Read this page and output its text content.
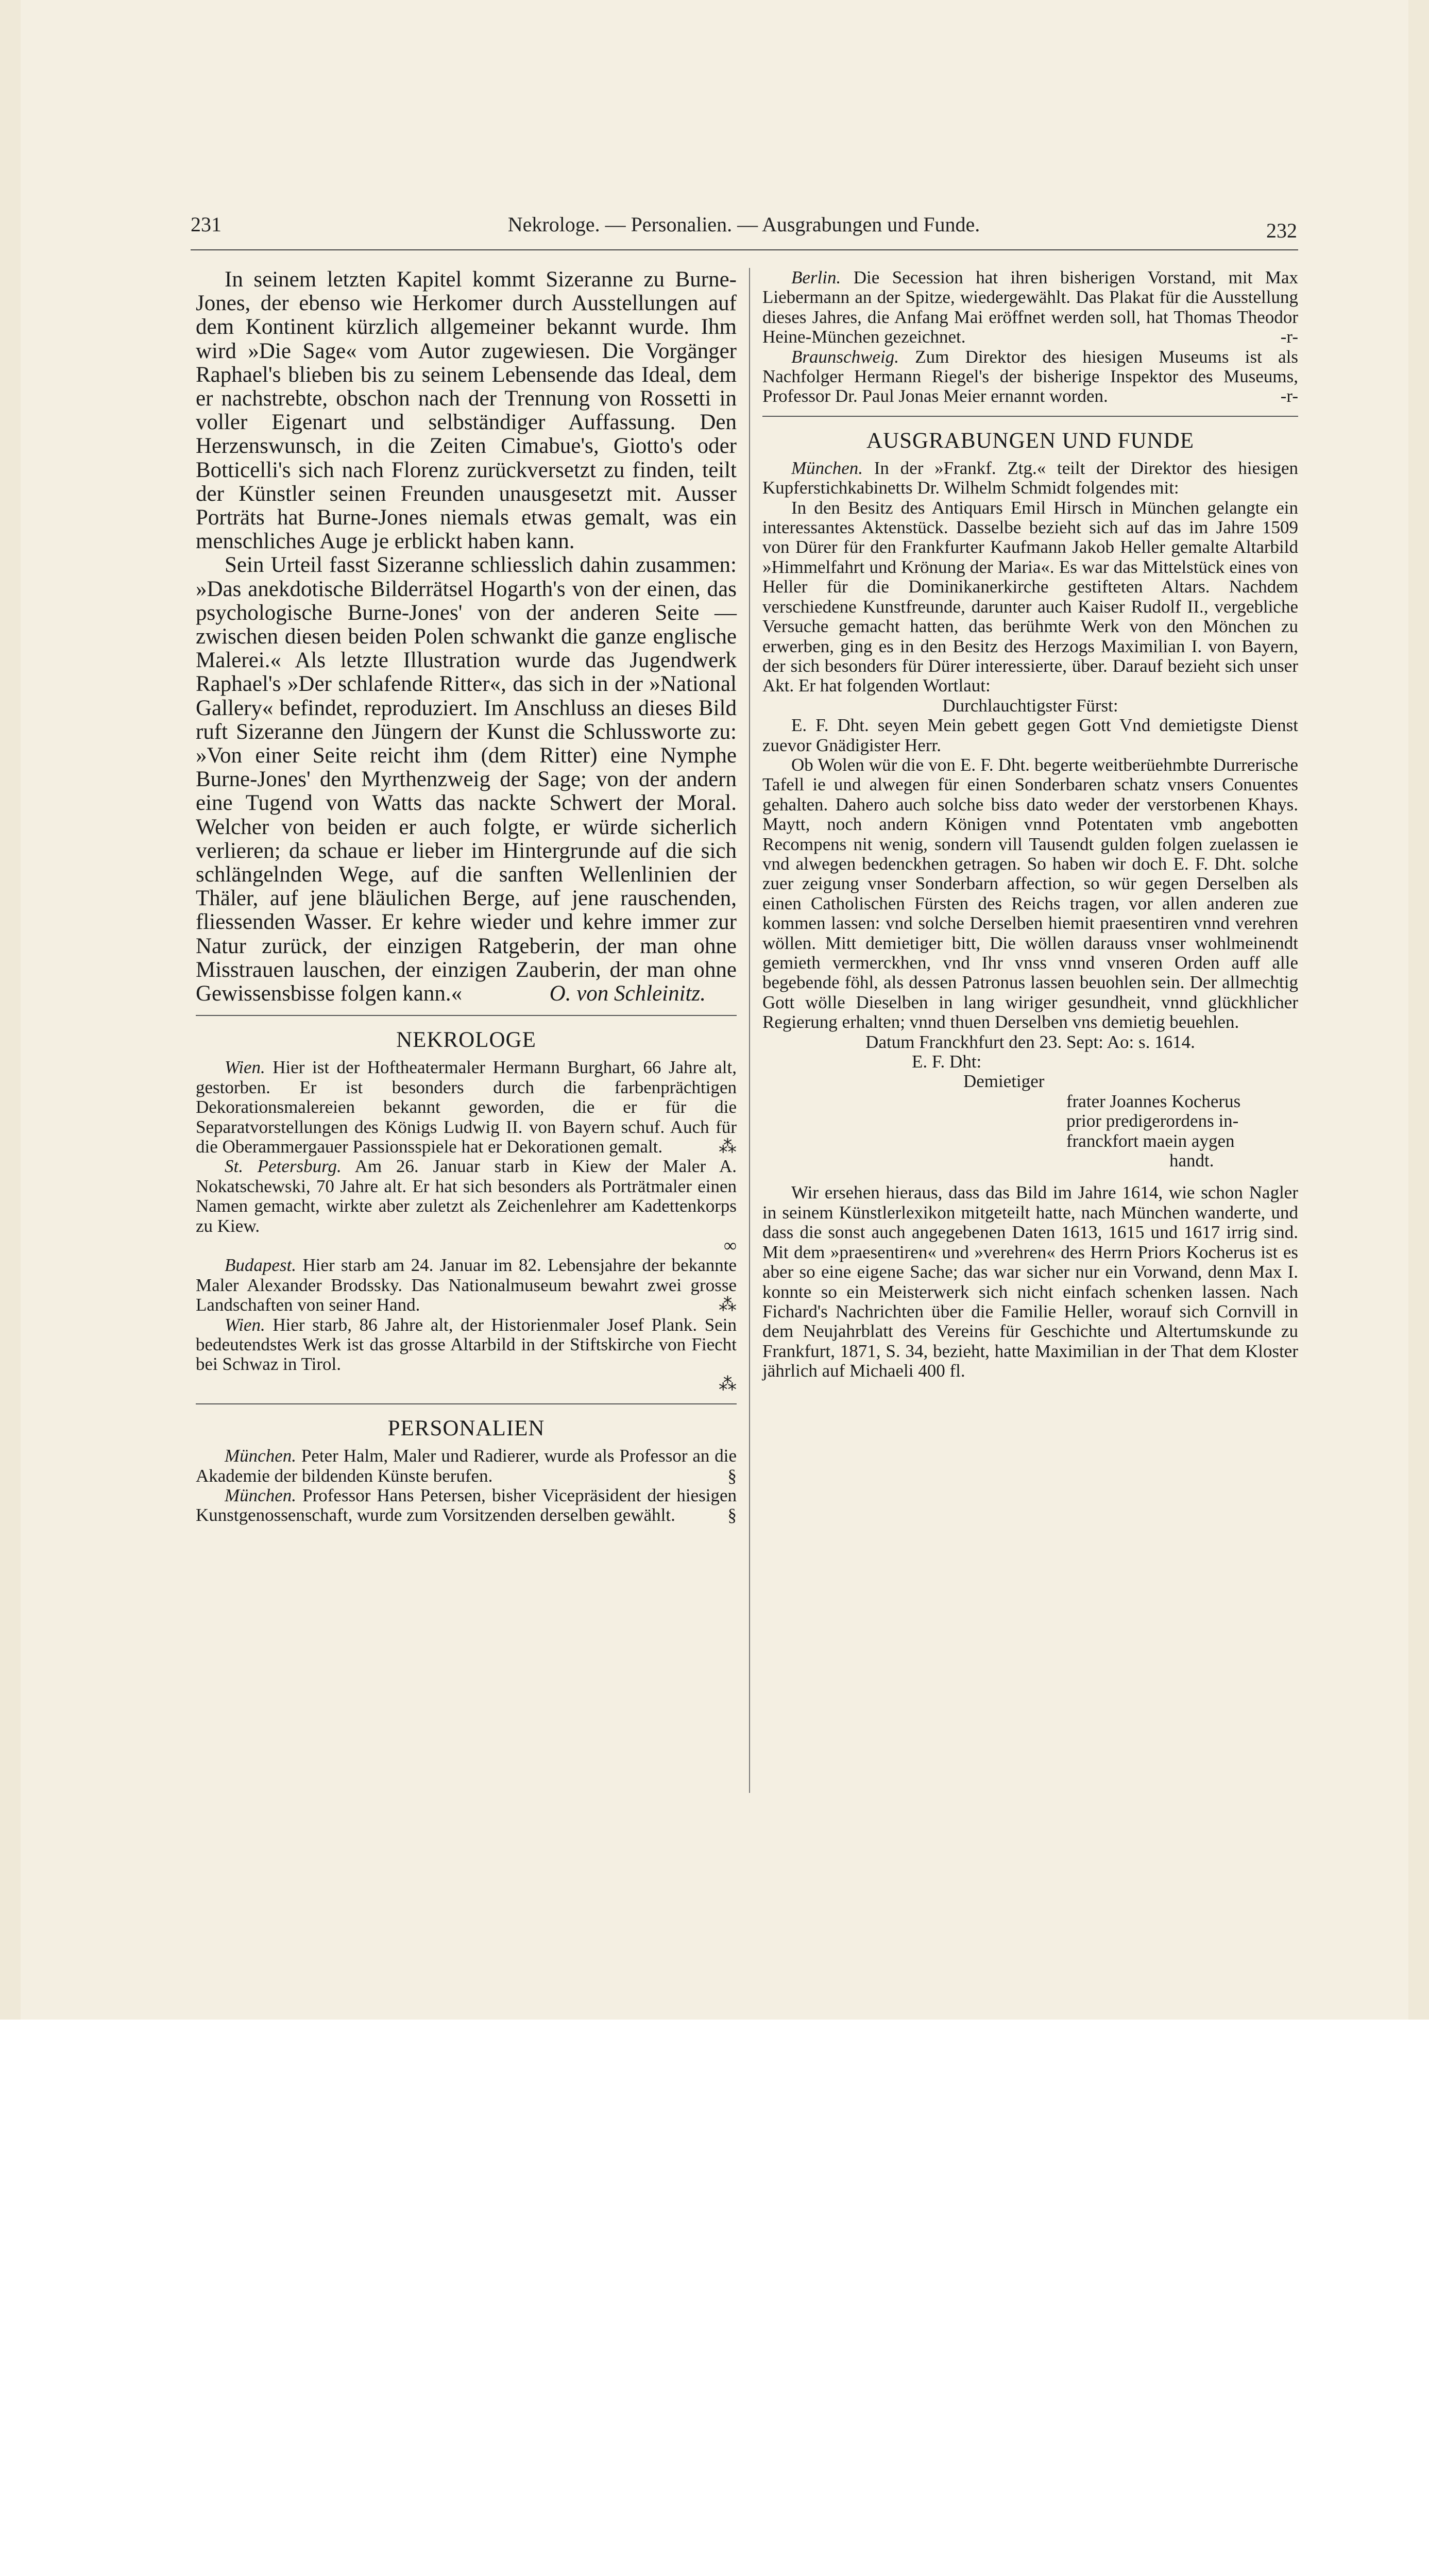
231	Nekrologe. — Personalien. — Ausgrabungen und Funde.	232

In seinem letzten Kapitel kommt Sizeranne zu Burne-Jones, der ebenso wie Herkomer durch Ausstellungen auf dem Kontinent kürzlich allgemeiner bekannt wurde. Ihm wird »Die Sage« vom Autor zugewiesen. Die Vorgänger Raphael's blieben bis zu seinem Lebensende das Ideal, dem er nachstrebte, obschon nach der Trennung von Rossetti in voller Eigenart und selbständiger Auffassung. Den Herzenswunsch, in die Zeiten Cimabue's, Giotto's oder Botticelli's sich nach Florenz zurückversetzt zu finden, teilt der Künstler seinen Freunden unausgesetzt mit. Ausser Porträts hat Burne-Jones niemals etwas gemalt, was ein menschliches Auge je erblickt haben kann.

Sein Urteil fasst Sizeranne schliesslich dahin zusammen: »Das anekdotische Bilderrätsel Hogarth's von der einen, das psychologische Burne-Jones' von der anderen Seite — zwischen diesen beiden Polen schwankt die ganze englische Malerei.« Als letzte Illustration wurde das Jugendwerk Raphael's »Der schlafende Ritter«, das sich in der »National Gallery« befindet, reproduziert. Im Anschluss an dieses Bild ruft Sizeranne den Jüngern der Kunst die Schlussworte zu: »Von einer Seite reicht ihm (dem Ritter) eine Nymphe Burne-Jones' den Myrthenzweig der Sage; von der andern eine Tugend von Watts das nackte Schwert der Moral. Welcher von beiden er auch folgte, er würde sicherlich verlieren; da schaue er lieber im Hintergrunde auf die sich schlängelnden Wege, auf die sanften Wellenlinien der Thäler, auf jene bläulichen Berge, auf jene rauschenden, fliessenden Wasser. Er kehre wieder und kehre immer zur Natur zurück, der einzigen Ratgeberin, der man ohne Misstrauen lauschen, der einzigen Zauberin, der man ohne Gewissensbisse folgen kann.«	O. von Schleinitz.

NEKROLOGE

Wien. Hier ist der Hoftheatermaler Hermann Burghart, 66 Jahre alt, gestorben. Er ist besonders durch die farbenprächtigen Dekorationsmalereien bekannt geworden, die er für die Separatvorstellungen des Königs Ludwig II. von Bayern schuf. Auch für die Oberammergauer Passionsspiele hat er Dekorationen gemalt.	⁂

St. Petersburg. Am 26. Januar starb in Kiew der Maler A. Nokatschewski, 70 Jahre alt. Er hat sich besonders als Porträtmaler einen Namen gemacht, wirkte aber zuletzt als Zeichenlehrer am Kadettenkorps zu Kiew.

∞

Budapest. Hier starb am 24. Januar im 82. Lebensjahre der bekannte Maler Alexander Brodssky. Das Nationalmuseum bewahrt zwei grosse Landschaften von seiner Hand.	⁂

Wien. Hier starb, 86 Jahre alt, der Historienmaler Josef Plank. Sein bedeutendstes Werk ist das grosse Altarbild in der Stiftskirche von Fiecht bei Schwaz in Tirol.

⁂
PERSONALIEN

München. Peter Halm, Maler und Radierer, wurde als Professor an die Akademie der bildenden Künste berufen.	§

München. Professor Hans Petersen, bisher Vicepräsident der hiesigen Kunstgenossenschaft, wurde zum Vorsitzenden derselben gewählt.	§

Berlin. Die Secession hat ihren bisherigen Vorstand, mit Max Liebermann an der Spitze, wiedergewählt. Das Plakat für die Ausstellung dieses Jahres, die Anfang Mai eröffnet werden soll, hat Thomas Theodor Heine-München gezeichnet.	-r-

Braunschweig. Zum Direktor des hiesigen Museums ist als Nachfolger Hermann Riegel's der bisherige Inspektor des Museums, Professor Dr. Paul Jonas Meier ernannt worden.	-r-

AUSGRABUNGEN UND FUNDE

München. In der »Frankf. Ztg.« teilt der Direktor des hiesigen Kupferstichkabinetts Dr. Wilhelm Schmidt folgendes mit:

In den Besitz des Antiquars Emil Hirsch in München gelangte ein interessantes Aktenstück. Dasselbe bezieht sich auf das im Jahre 1509 von Dürer für den Frankfurter Kaufmann Jakob Heller gemalte Altarbild »Himmelfahrt und Krönung der Maria«. Es war das Mittelstück eines von Heller für die Dominikanerkirche gestifteten Altars. Nachdem verschiedene Kunstfreunde, darunter auch Kaiser Rudolf II., vergebliche Versuche gemacht hatten, das berühmte Werk von den Mönchen zu erwerben, ging es in den Besitz des Herzogs Maximilian I. von Bayern, der sich besonders für Dürer interessierte, über. Darauf bezieht sich unser Akt. Er hat folgenden Wortlaut:

Durchlauchtigster Fürst:

E. F. Dht. seyen Mein gebett gegen Gott Vnd demietigste Dienst zuevor Gnädigister Herr.

Ob Wolen wür die von E. F. Dht. begerte weitberüehmbte Durrerische Tafell ie und alwegen für einen Sonderbaren schatz vnsers Conuentes gehalten. Dahero auch solche biss dato weder der verstorbenen Khays. Maytt, noch andern Königen vnnd Potentaten vmb angebotten Recompens nit wenig, sondern vill Tausendt gulden folgen zuelassen ie vnd alwegen bedenckhen getragen. So haben wir doch E. F. Dht. solche zuer zeigung vnser Sonderbarn affection, so wür gegen Derselben als einen Catholischen Fürsten des Reichs tragen, vor allen anderen zue kommen lassen: vnd solche Derselben hiemit praesentiren vnnd verehren wöllen. Mitt demietiger bitt, Die wöllen darauss vnser wohlmeinendt gemieth vermerckhen, vnd Ihr vnss vnnd vnseren Orden auff alle begebende föhl, als dessen Patronus lassen beuohlen sein. Der allmechtig Gott wölle Dieselben in lang wiriger gesundheit, vnnd glückhlicher Regierung erhalten; vnnd thuen Derselben vns demietig beuehlen.

Datum Franckhfurt den 23. Sept: Ao: s. 1614.
E. F. Dht:
Demietiger
frater Joannes Kocherus
prior predigerordens in-
franckfort maein aygen
handt.

Wir ersehen hieraus, dass das Bild im Jahre 1614, wie schon Nagler in seinem Künstlerlexikon mitgeteilt hatte, nach München wanderte, und dass die sonst auch angegebenen Daten 1613, 1615 und 1617 irrig sind. Mit dem »praesentiren« und »verehren« des Herrn Priors Kocherus ist es aber so eine eigene Sache; das war sicher nur ein Vorwand, denn Max I. konnte so ein Meisterwerk sich nicht einfach schenken lassen. Nach Fichard's Nachrichten über die Familie Heller, worauf sich Cornvill in dem Neujahrblatt des Vereins für Geschichte und Altertumskunde zu Frankfurt, 1871, S. 34, bezieht, hatte Maximilian in der That dem Kloster jährlich auf Michaeli 400 fl.
